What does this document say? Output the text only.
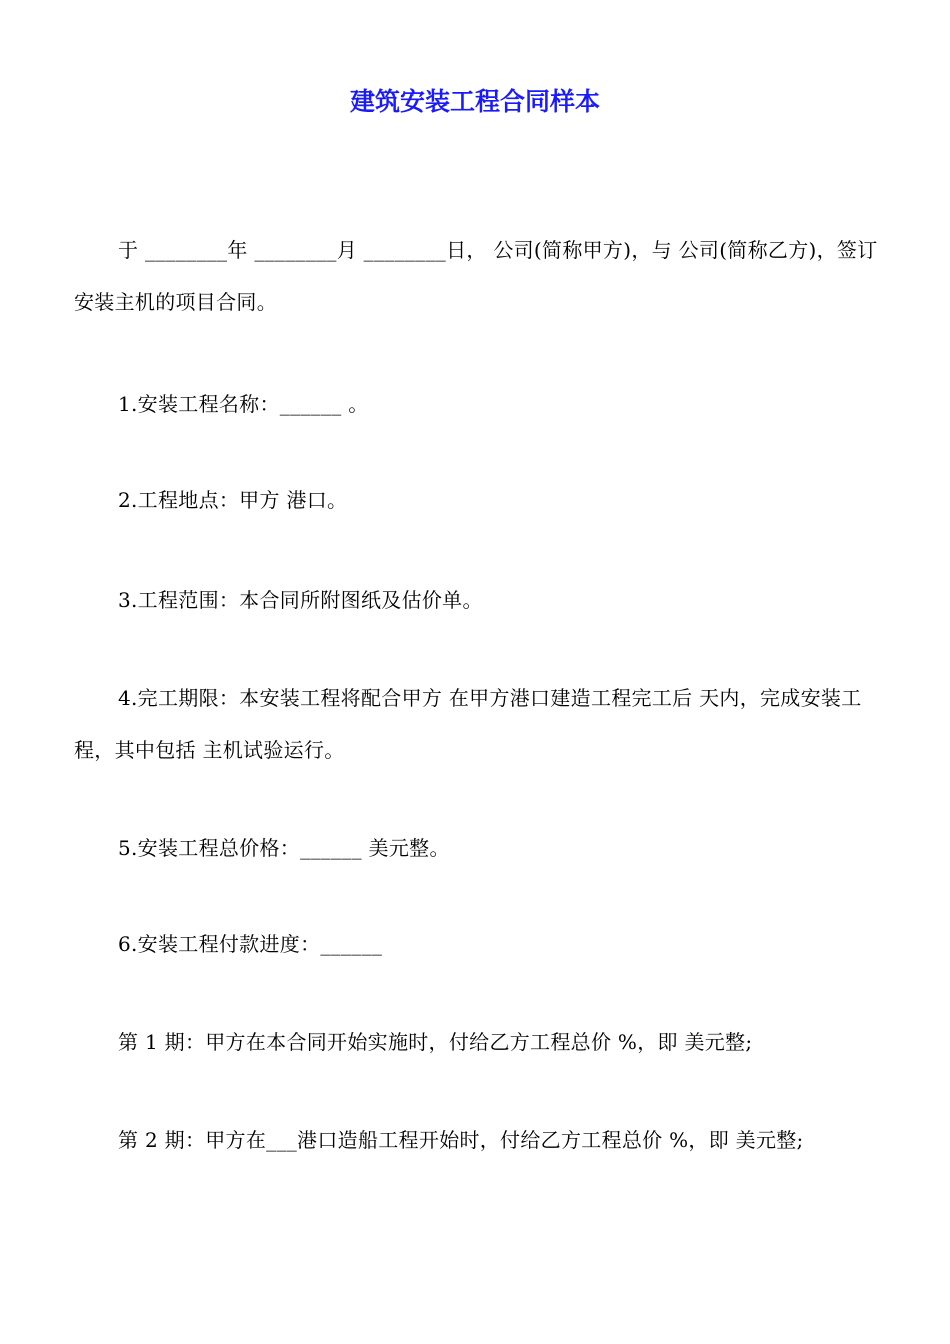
建筑安装工程合同样本

于 ________年 ________月 ________日， 公司(简称甲方)，与 公司(简称乙方)，签订安装主机的项目合同。

1.安装工程名称：______ 。

2.工程地点：甲方 港口。

3.工程范围：本合同所附图纸及估价单。

4.完工期限：本安装工程将配合甲方 在甲方港口建造工程完工后 天内，完成安装工程，其中包括 主机试验运行。

5.安装工程总价格：______ 美元整。

6.安装工程付款进度：______

第 1 期：甲方在本合同开始实施时，付给乙方工程总价 %，即 美元整;

第 2 期：甲方在___港口造船工程开始时，付给乙方工程总价 %，即 美元整;
